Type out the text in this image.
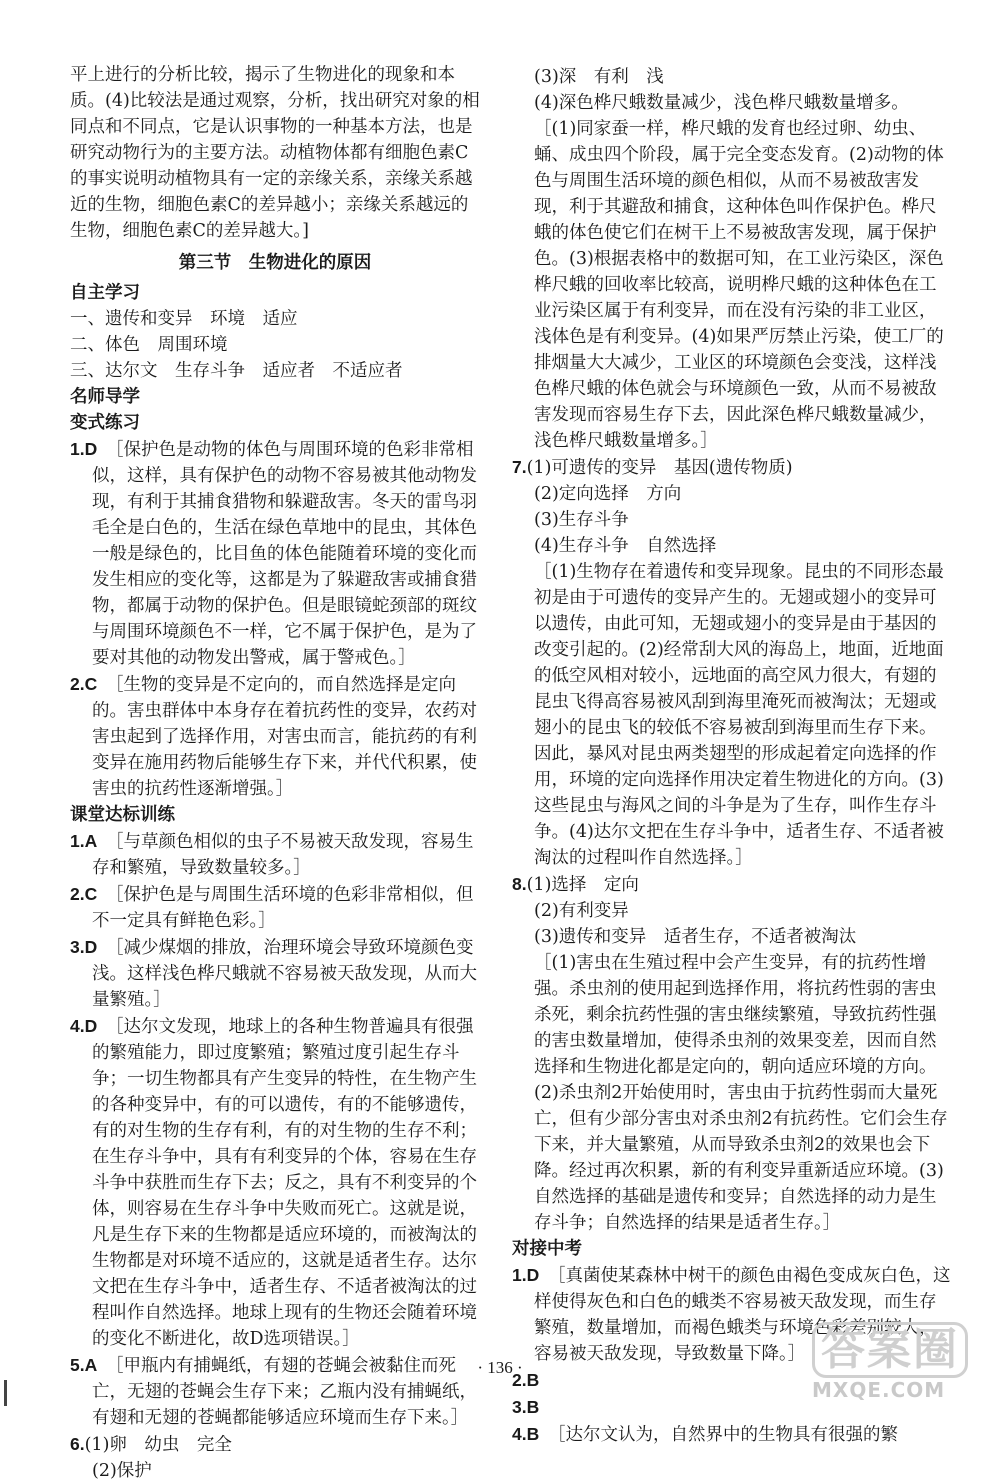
平上进行的分析比较，揭示了生物进化的现象和本质。(4)比较法是通过观察，分析，找出研究对象的相同点和不同点，它是认识事物的一种基本方法，也是研究动物行为的主要方法。动植物体都有细胞色素C的事实说明动植物具有一定的亲缘关系，亲缘关系越近的生物，细胞色素C的差异越小；亲缘关系越远的生物，细胞色素C的差异越大。]

第三节　生物进化的原因

自主学习

一、遗传和变异　环境　适应

二、体色　周围环境

三、达尔文　生存斗争　适应者　不适应者

名师导学

变式练习

1.D　 ［保护色是动物的体色与周围环境的色彩非常相似，这样，具有保护色的动物不容易被其他动物发现，有利于其捕食猎物和躲避敌害。冬天的雷鸟羽毛全是白色的，生活在绿色草地中的昆虫，其体色一般是绿色的，比目鱼的体色能随着环境的变化而发生相应的变化等，这都是为了躲避敌害或捕食猎物，都属于动物的保护色。但是眼镜蛇颈部的斑纹与周围环境颜色不一样，它不属于保护色，是为了要对其他的动物发出警戒，属于警戒色。］

2.C　 ［生物的变异是不定向的，而自然选择是定向的。害虫群体中本身存在着抗药性的变异，农药对害虫起到了选择作用，对害虫而言，能抗药的有利变异在施用药物后能够生存下来，并代代积累，使害虫的抗药性逐渐增强。］

课堂达标训练

1.A　 ［与草颜色相似的虫子不易被天敌发现，容易生存和繁殖，导致数量较多。］

2.C　 ［保护色是与周围生活环境的色彩非常相似，但不一定具有鲜艳色彩。］

3.D　 ［减少煤烟的排放，治理环境会导致环境颜色变浅。这样浅色桦尺蛾就不容易被天敌发现，从而大量繁殖。］

4.D　 ［达尔文发现，地球上的各种生物普遍具有很强的繁殖能力，即过度繁殖；繁殖过度引起生存斗争；一切生物都具有产生变异的特性，在生物产生的各种变异中，有的可以遗传，有的不能够遗传，有的对生物的生存有利，有的对生物的生存不利；在生存斗争中，具有有利变异的个体，容易在生存斗争中获胜而生存下去；反之，具有不利变异的个体，则容易在生存斗争中失败而死亡。这就是说，凡是生存下来的生物都是适应环境的，而被淘汰的生物都是对环境不适应的，这就是适者生存。达尔文把在生存斗争中，适者生存、不适者被淘汰的过程叫作自然选择。地球上现有的生物还会随着环境的变化不断进化，故D选项错误。］

5.A　 ［甲瓶内有捕蝇纸，有翅的苍蝇会被黏住而死亡，无翅的苍蝇会生存下来；乙瓶内没有捕蝇纸，有翅和无翅的苍蝇都能够适应环境而生存下来。］

6.(1)卵　幼虫　完全

(2)保护

(3)深　有利　浅

(4)深色桦尺蛾数量减少，浅色桦尺蛾数量增多。

［(1)同家蚕一样，桦尺蛾的发育也经过卵、幼虫、蛹、成虫四个阶段，属于完全变态发育。(2)动物的体色与周围生活环境的颜色相似，从而不易被敌害发现，利于其避敌和捕食，这种体色叫作保护色。桦尺蛾的体色使它们在树干上不易被敌害发现，属于保护色。(3)根据表格中的数据可知，在工业污染区，深色桦尺蛾的回收率比较高，说明桦尺蛾的这种体色在工业污染区属于有利变异，而在没有污染的非工业区，浅体色是有利变异。(4)如果严厉禁止污染，使工厂的排烟量大大减少，工业区的环境颜色会变浅，这样浅色桦尺蛾的体色就会与环境颜色一致，从而不易被敌害发现而容易生存下去，因此深色桦尺蛾数量减少，浅色桦尺蛾数量增多。］

7.(1)可遗传的变异　基因(遗传物质)

(2)定向选择　方向

(3)生存斗争

(4)生存斗争　自然选择

［(1)生物存在着遗传和变异现象。昆虫的不同形态最初是由于可遗传的变异产生的。无翅或翅小的变异可以遗传，由此可知，无翅或翅小的变异是由于基因的改变引起的。(2)经常刮大风的海岛上，地面，近地面的低空风相对较小，远地面的高空风力很大，有翅的昆虫飞得高容易被风刮到海里淹死而被淘汰；无翅或翅小的昆虫飞的较低不容易被刮到海里而生存下来。因此，暴风对昆虫两类翅型的形成起着定向选择的作用，环境的定向选择作用决定着生物进化的方向。(3)这些昆虫与海风之间的斗争是为了生存，叫作生存斗争。(4)达尔文把在生存斗争中，适者生存、不适者被淘汰的过程叫作自然选择。］

8.(1)选择　定向

(2)有利变异

(3)遗传和变异　适者生存，不适者被淘汰

［(1)害虫在生殖过程中会产生变异，有的抗药性增强。杀虫剂的使用起到选择作用，将抗药性弱的害虫杀死，剩余抗药性强的害虫继续繁殖，导致抗药性强的害虫数量增加，使得杀虫剂的效果变差，因而自然选择和生物进化都是定向的，朝向适应环境的方向。(2)杀虫剂2开始使用时，害虫由于抗药性弱而大量死亡，但有少部分害虫对杀虫剂2有抗药性。它们会生存下来，并大量繁殖，从而导致杀虫剂2的效果也会下降。经过再次积累，新的有利变异重新适应环境。(3)自然选择的基础是遗传和变异；自然选择的动力是生存斗争；自然选择的结果是适者生存。］

对接中考

1.D　 ［真菌使某森林中树干的颜色由褐色变成灰白色，这样使得灰色和白色的蛾类不容易被天敌发现，而生存繁殖，数量增加，而褐色蛾类与环境色彩差别较大，容易被天敌发现，导致数量下降。］

2.B

3.B

4.B　 ［达尔文认为，自然界中的生物具有很强的繁

· 136 ·	答案圈
MXQE.COM
